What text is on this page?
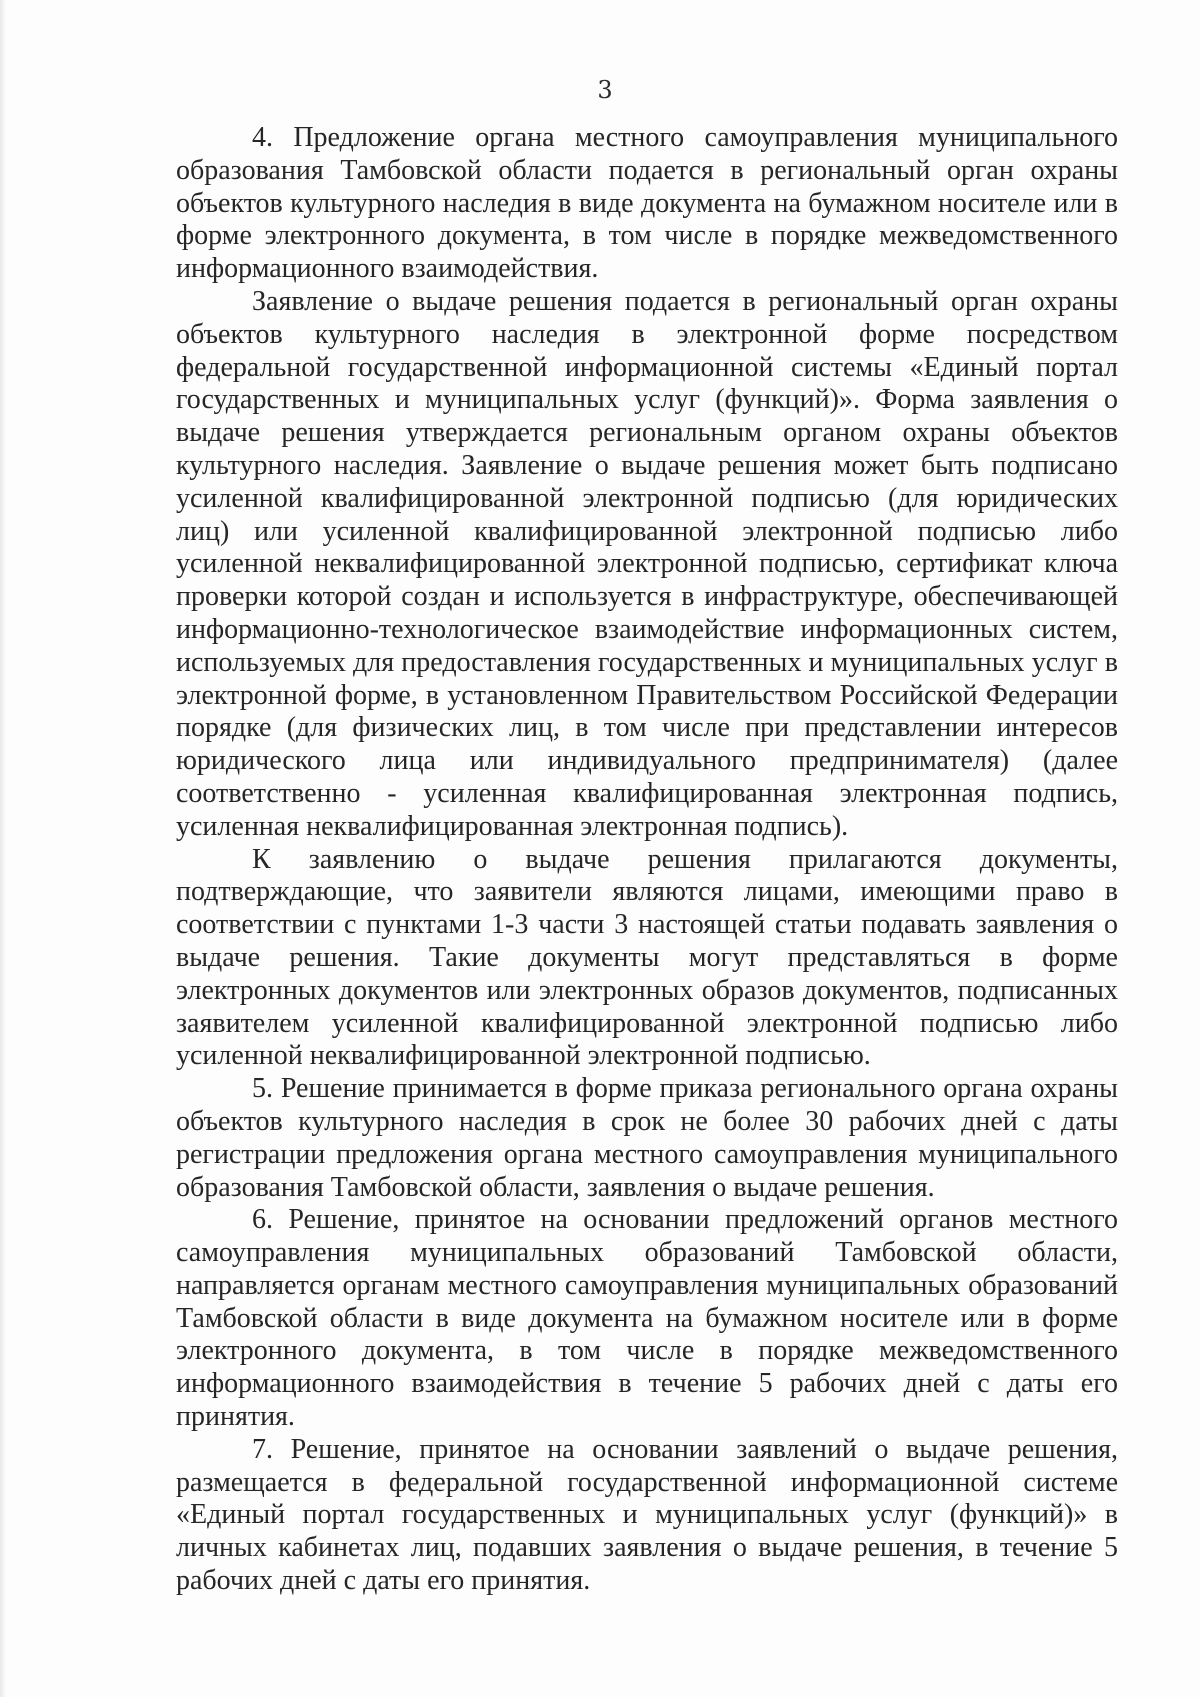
3

4. Предложение органа местного самоуправления муниципального образования Тамбовской области подается в региональный орган охраны объектов культурного наследия в виде документа на бумажном носителе или в форме электронного документа, в том числе в порядке межведомственного информационного взаимодействия.

Заявление о выдаче решения подается в региональный орган охраны объектов культурного наследия в электронной форме посредством федеральной государственной информационной системы «Единый портал государственных и муниципальных услуг (функций)». Форма заявления о выдаче решения утверждается региональным органом охраны объектов культурного наследия. Заявление о выдаче решения может быть подписано усиленной квалифицированной электронной подписью (для юридических лиц) или усиленной квалифицированной электронной подписью либо усиленной неквалифицированной электронной подписью, сертификат ключа проверки которой создан и используется в инфраструктуре, обеспечивающей информационно-технологическое взаимодействие информационных систем, используемых для предоставления государственных и муниципальных услуг в электронной форме, в установленном Правительством Российской Федерации порядке (для физических лиц, в том числе при представлении интересов юридического лица или индивидуального предпринимателя) (далее соответственно - усиленная квалифицированная электронная подпись, усиленная неквалифицированная электронная подпись).

К заявлению о выдаче решения прилагаются документы, подтверждающие, что заявители являются лицами, имеющими право в соответствии с пунктами 1-3 части 3 настоящей статьи подавать заявления о выдаче решения. Такие документы могут представляться в форме электронных документов или электронных образов документов, подписанных заявителем усиленной квалифицированной электронной подписью либо усиленной неквалифицированной электронной подписью.

5. Решение принимается в форме приказа регионального органа охраны объектов культурного наследия в срок не более 30 рабочих дней с даты регистрации предложения органа местного самоуправления муниципального образования Тамбовской области, заявления о выдаче решения.

6. Решение, принятое на основании предложений органов местного самоуправления муниципальных образований Тамбовской области, направляется органам местного самоуправления муниципальных образований Тамбовской области в виде документа на бумажном носителе или в форме электронного документа, в том числе в порядке межведомственного информационного взаимодействия в течение 5 рабочих дней с даты его принятия.

7. Решение, принятое на основании заявлений о выдаче решения, размещается в федеральной государственной информационной системе «Единый портал государственных и муниципальных услуг (функций)» в личных кабинетах лиц, подавших заявления о выдаче решения, в течение 5 рабочих дней с даты его принятия.
